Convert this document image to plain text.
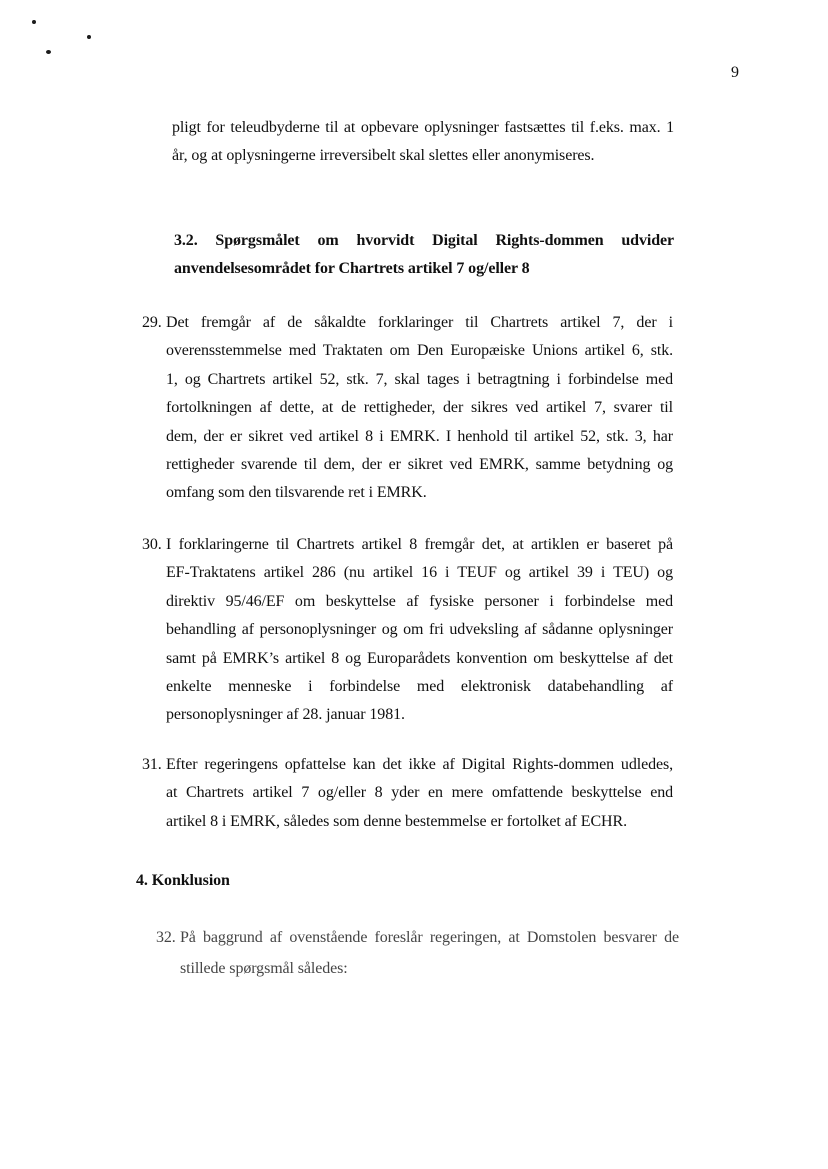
9
pligt for teleudbyderne til at opbevare oplysninger fastsættes til f.eks. max. 1
år, og at oplysningerne irreversibelt skal slettes eller anonymiseres.
3.2. Spørgsmålet om hvorvidt Digital Rights-dommen udvider
anvendelsesområdet for Chartrets artikel 7 og/eller 8
29. Det fremgår af de såkaldte forklaringer til Chartrets artikel 7, der i
overensstemmelse med Traktaten om Den Europæiske Unions artikel 6, stk.
1, og Chartrets artikel 52, stk. 7, skal tages i betragtning i forbindelse med
fortolkningen af dette, at de rettigheder, der sikres ved artikel 7, svarer til
dem, der er sikret ved artikel 8 i EMRK. I henhold til artikel 52, stk. 3, har
rettigheder svarende til dem, der er sikret ved EMRK, samme betydning og
omfang som den tilsvarende ret i EMRK.
30. I forklaringerne til Chartrets artikel 8 fremgår det, at artiklen er baseret på
EF-Traktatens artikel 286 (nu artikel 16 i TEUF og artikel 39 i TEU) og
direktiv 95/46/EF om beskyttelse af fysiske personer i forbindelse med
behandling af personoplysninger og om fri udveksling af sådanne oplysninger
samt på EMRK’s artikel 8 og Europarådets konvention om beskyttelse af det
enkelte menneske i forbindelse med elektronisk databehandling af
personoplysninger af 28. januar 1981.
31. Efter regeringens opfattelse kan det ikke af Digital Rights-dommen udledes,
at Chartrets artikel 7 og/eller 8 yder en mere omfattende beskyttelse end
artikel 8 i EMRK, således som denne bestemmelse er fortolket af ECHR.
4. Konklusion
32. På baggrund af ovenstående foreslår regeringen, at Domstolen besvarer de
stillede spørgsmål således:
